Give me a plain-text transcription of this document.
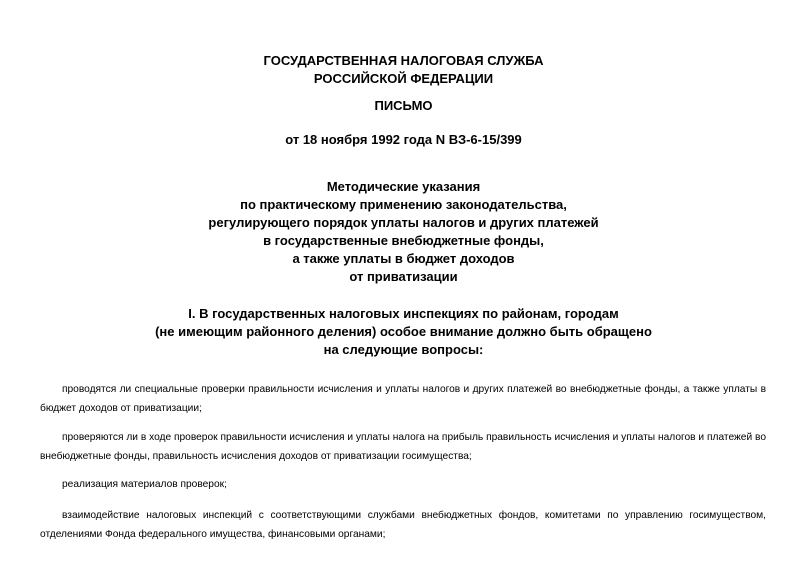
ГОСУДАРСТВЕННАЯ НАЛОГОВАЯ СЛУЖБА
РОССИЙСКОЙ ФЕДЕРАЦИИ
ПИСЬМО
от 18 ноября 1992 года N ВЗ-6-15/399
Методические указания
по практическому применению законодательства,
регулирующего порядок уплаты налогов и других платежей
в государственные внебюджетные фонды,
а также уплаты в бюджет доходов
от приватизации
I. В государственных налоговых инспекциях по районам, городам
(не имеющим районного деления) особое внимание должно быть обращено
на следующие вопросы:

проводятся ли специальные проверки правильности исчисления и уплаты налогов и других платежей во внебюджетные фонды, а также уплаты в бюджет доходов от приватизации;

проверяются ли в ходе проверок правильности исчисления и уплаты налога на прибыль правильность исчисления и уплаты налогов и платежей во внебюджетные фонды, правильность исчисления доходов от приватизации госимущества;

реализация материалов проверок;

взаимодействие налоговых инспекций с соответствующими службами внебюджетных фондов, комитетами по управлению госимуществом, отделениями Фонда федерального имущества, финансовыми органами;
